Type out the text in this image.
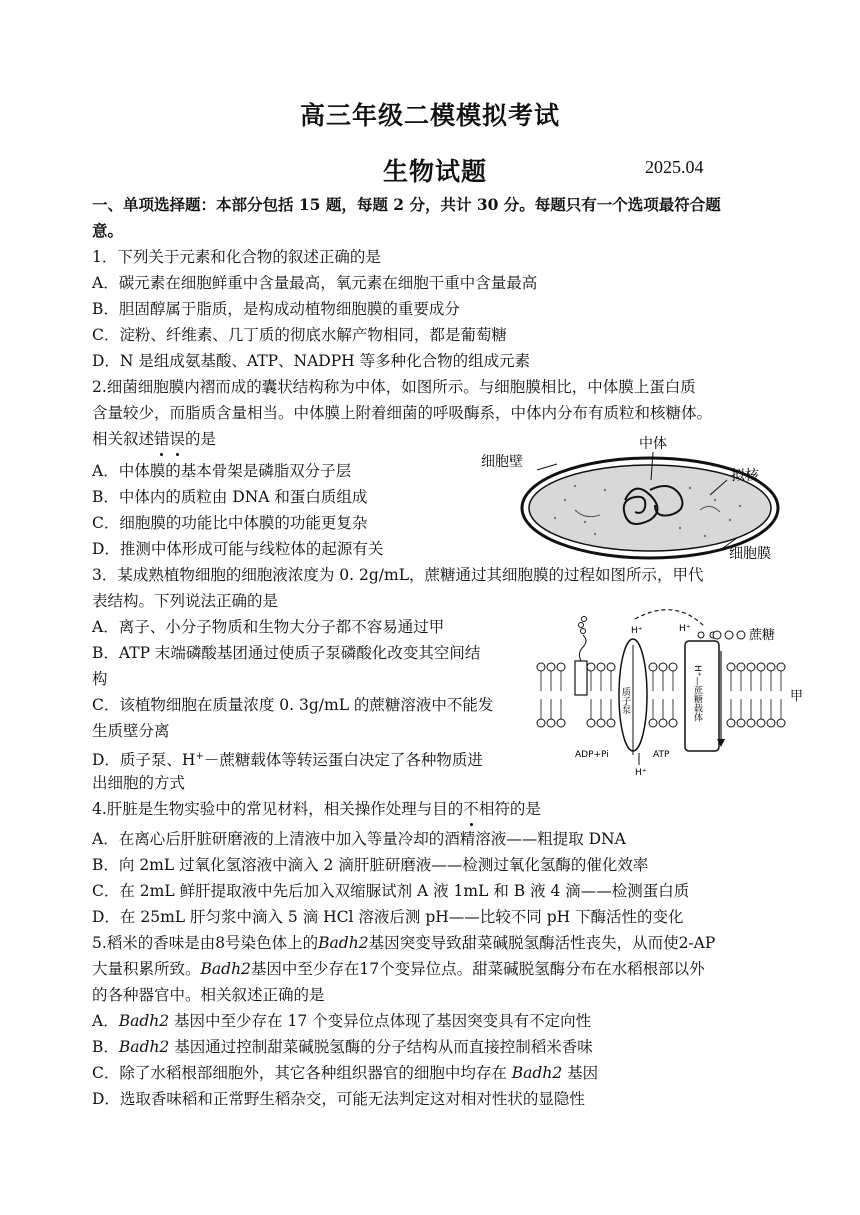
高三年级二模模拟考试
生物试题	2025.04
一、单项选择题：本部分包括 15 题，每题 2 分，共计 30 分。每题只有一个选项最符合题
意。
1．下列关于元素和化合物的叙述正确的是
A．碳元素在细胞鲜重中含量最高，氧元素在细胞干重中含量最高
B．胆固醇属于脂质，是构成动植物细胞膜的重要成分
C．淀粉、纤维素、几丁质的彻底水解产物相同，都是葡萄糖
D．N 是组成氨基酸、ATP、NADPH 等多种化合物的组成元素
2.细菌细胞膜内褶而成的囊状结构称为中体，如图所示。与细胞膜相比，中体膜上蛋白质
含量较少，而脂质含量相当。中体膜上附着细菌的呼吸酶系，中体内分布有质粒和核糖体。
相关叙述错误的是
A．中体膜的基本骨架是磷脂双分子层
B．中体内的质粒由 DNA 和蛋白质组成
C．细胞膜的功能比中体膜的功能更复杂
D．推测中体形成可能与线粒体的起源有关
中体
细胞壁
拟核
细胞膜
3．某成熟植物细胞的细胞液浓度为 0. 2g/mL，蔗糖通过其细胞膜的过程如图所示，甲代
表结构。下列说法正确的是
A．离子、小分子物质和生物大分子都不容易通过甲
B．ATP 末端磷酸基团通过使质子泵磷酸化改变其空间结
构
C．该植物细胞在质量浓度 0. 3g/mL 的蔗糖溶液中不能发
生质壁分离
D．质子泵、H+－蔗糖载体等转运蛋白决定了各种物质进
出细胞的方式
质子泵	H⁺—蔗糖载体
H⁺	H⁺	蔗糖
甲
ADP+Pi	ATP
H⁺
4.肝脏是生物实验中的常见材料，相关操作处理与目的不相符的是
A．在离心后肝脏研磨液的上清液中加入等量冷却的酒精溶液——粗提取 DNA
B．向 2mL 过氧化氢溶液中滴入 2 滴肝脏研磨液——检测过氧化氢酶的催化效率
C．在 2mL 鲜肝提取液中先后加入双缩脲试剂 A 液 1mL 和 B 液 4 滴——检测蛋白质
D．在 25mL 肝匀浆中滴入 5 滴 HCl 溶液后测 pH——比较不同 pH 下酶活性的变化
5.稻米的香味是由8号染色体上的Badh2基因突变导致甜菜碱脱氢酶活性丧失，从而使2-AP
大量积累所致。Badh2基因中至少存在17个变异位点。甜菜碱脱氢酶分布在水稻根部以外
的各种器官中。相关叙述正确的是
A．Badh2 基因中至少存在 17 个变异位点体现了基因突变具有不定向性
B．Badh2 基因通过控制甜菜碱脱氢酶的分子结构从而直接控制稻米香味
C．除了水稻根部细胞外，其它各种组织器官的细胞中均存在 Badh2 基因
D．选取香味稻和正常野生稻杂交，可能无法判定这对相对性状的显隐性
